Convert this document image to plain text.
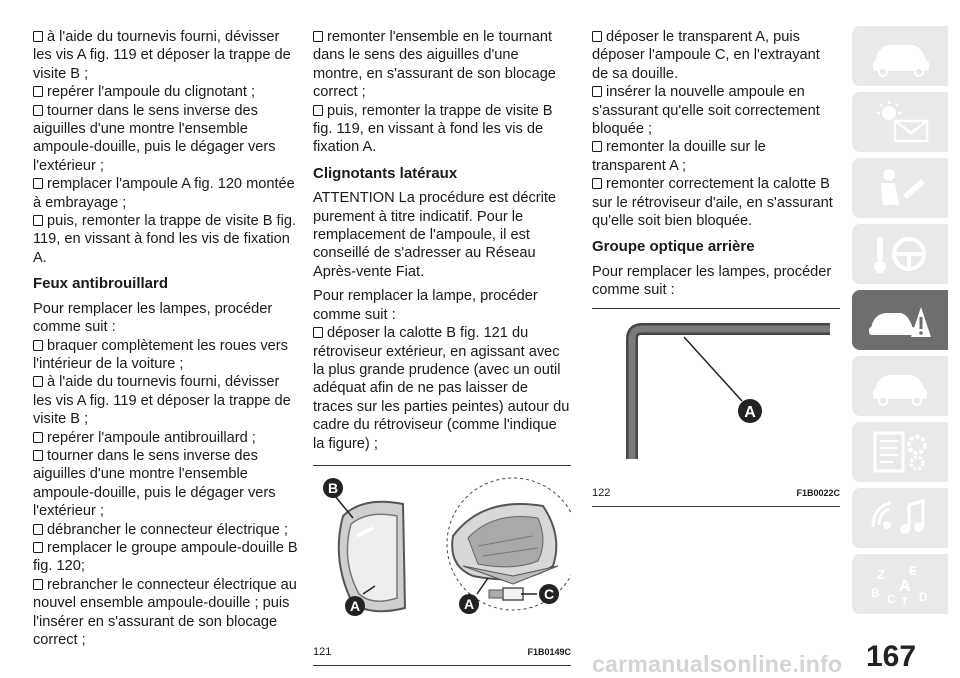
à l'aide du tournevis fourni, dévisser les vis A fig. 119 et déposer la trappe de visite B ;

repérer l'ampoule du clignotant ;

tourner dans le sens inverse des aiguilles d'une montre l'ensemble ampoule-douille, puis le dégager vers l'extérieur ;

remplacer l'ampoule A fig. 120 montée à embrayage ;

puis, remonter la trappe de visite B fig. 119, en vissant à fond les vis de fixation A.

Feux antibrouillard

Pour remplacer les lampes, procéder comme suit :

braquer complètement les roues vers l'intérieur de la voiture ;

à l'aide du tournevis fourni, dévisser les vis A fig. 119 et déposer la trappe de visite B ;

repérer l'ampoule antibrouillard ;

tourner dans le sens inverse des aiguilles d'une montre l'ensemble ampoule-douille, puis le dégager vers l'extérieur ;

débrancher le connecteur électrique ;

remplacer le groupe ampoule-douille B fig. 120;

rebrancher le connecteur électrique au nouvel ensemble ampoule-douille ; puis l'insérer en s'assurant de son blocage correct ;

remonter l'ensemble en le tournant dans le sens des aiguilles d'une montre, en s'assurant de son blocage correct ;

puis, remonter la trappe de visite B fig. 119, en vissant à fond les vis de fixation A.

Clignotants latéraux

ATTENTION La procédure est décrite purement à titre indicatif. Pour le remplacement de l'ampoule, il est conseillé de s'adresser au Réseau Après-vente Fiat.

Pour remplacer la lampe, procéder comme suit :

déposer la calotte B fig. 121 du rétroviseur extérieur, en agissant avec la plus grande prudence (avec un outil adéquat afin de ne pas laisser de traces sur les parties peintes) autour du cadre du rétroviseur (comme l'indique la figure) ;

B
A	A
C
121	F1B0149C

déposer le transparent A, puis déposer l'ampoule C, en l'extrayant de sa douille.

insérer la nouvelle ampoule en s'assurant qu'elle soit correctement bloquée ;

remonter la douille sur le transparent A ;

remonter correctement la calotte B sur le rétroviseur d'aile, en s'assurant qu'elle soit bien bloquée.

Groupe optique arrière

Pour remplacer les lampes, procéder comme suit :

A
122	F1B0022C
Z E
B A
C T D
167
carmanualsonline.info
